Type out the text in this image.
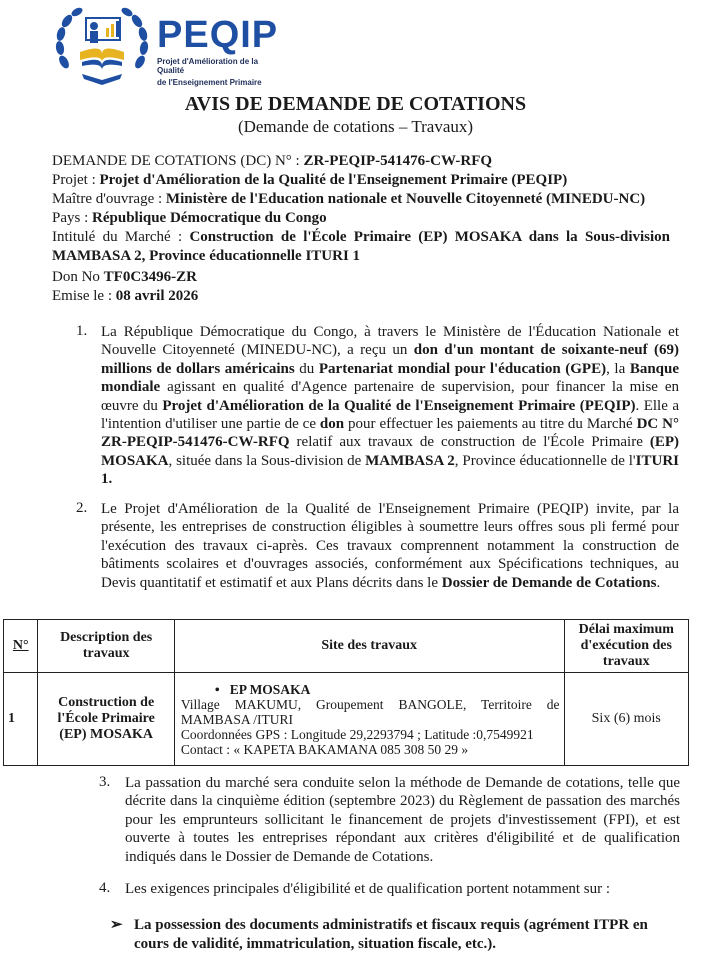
PEQIP
Projet d'Amélioration de la Qualité
de l'Enseignement Primaire
AVIS DE DEMANDE DE COTATIONS
(Demande de cotations – Travaux)
DEMANDE DE COTATIONS (DC) N° : ZR-PEQIP-541476-CW-RFQ
Projet : Projet d'Amélioration de la Qualité de l'Enseignement Primaire (PEQIP)
Maître d'ouvrage : Ministère de l'Education nationale et Nouvelle Citoyenneté (MINEDU-NC)
Pays : République Démocratique du Congo
Intitulé du Marché : Construction de l'École Primaire (EP) MOSAKA dans la Sous-division MAMBASA 2, Province éducationnelle ITURI 1
Don No TF0C3496-ZR
Emise le : 08 avril 2026
1. La République Démocratique du Congo, à travers le Ministère de l'Éducation Nationale et Nouvelle Citoyenneté (MINEDU-NC), a reçu un don d'un montant de soixante-neuf (69) millions de dollars américains du Partenariat mondial pour l'éducation (GPE), la Banque mondiale agissant en qualité d'Agence partenaire de supervision, pour financer la mise en œuvre du Projet d'Amélioration de la Qualité de l'Enseignement Primaire (PEQIP). Elle a l'intention d'utiliser une partie de ce don pour effectuer les paiements au titre du Marché DC N° ZR-PEQIP-541476-CW-RFQ relatif aux travaux de construction de l'École Primaire (EP) MOSAKA, située dans la Sous-division de MAMBASA 2, Province éducationnelle de l'ITURI 1.
2. Le Projet d'Amélioration de la Qualité de l'Enseignement Primaire (PEQIP) invite, par la présente, les entreprises de construction éligibles à soumettre leurs offres sous pli fermé pour l'exécution des travaux ci-après. Ces travaux comprennent notamment la construction de bâtiments scolaires et d'ouvrages associés, conformément aux Spécifications techniques, au Devis quantitatif et estimatif et aux Plans décrits dans le Dossier de Demande de Cotations.
N°	Description des travaux	Site des travaux	Délai maximum d'exécution des travaux
1	Construction de l'École Primaire (EP) MOSAKA	•   EP MOSAKA
Village MAKUMU, Groupement BANGOLE, Territoire de MAMBASA /ITURI
Coordonnées GPS : Longitude 29,2293794 ; Latitude :0,7549921
Contact : « KAPETA BAKAMANA 085 308 50 29 »	Six (6) mois
3. La passation du marché sera conduite selon la méthode de Demande de cotations, telle que décrite dans la cinquième édition (septembre 2023) du Règlement de passation des marchés pour les emprunteurs sollicitant le financement de projets d'investissement (FPI), et est ouverte à toutes les entreprises répondant aux critères d'éligibilité et de qualification indiqués dans le Dossier de Demande de Cotations.
4. Les exigences principales d'éligibilité et de qualification portent notamment sur :
➢ La possession des documents administratifs et fiscaux requis (agrément ITPR en cours de validité, immatriculation, situation fiscale, etc.).
